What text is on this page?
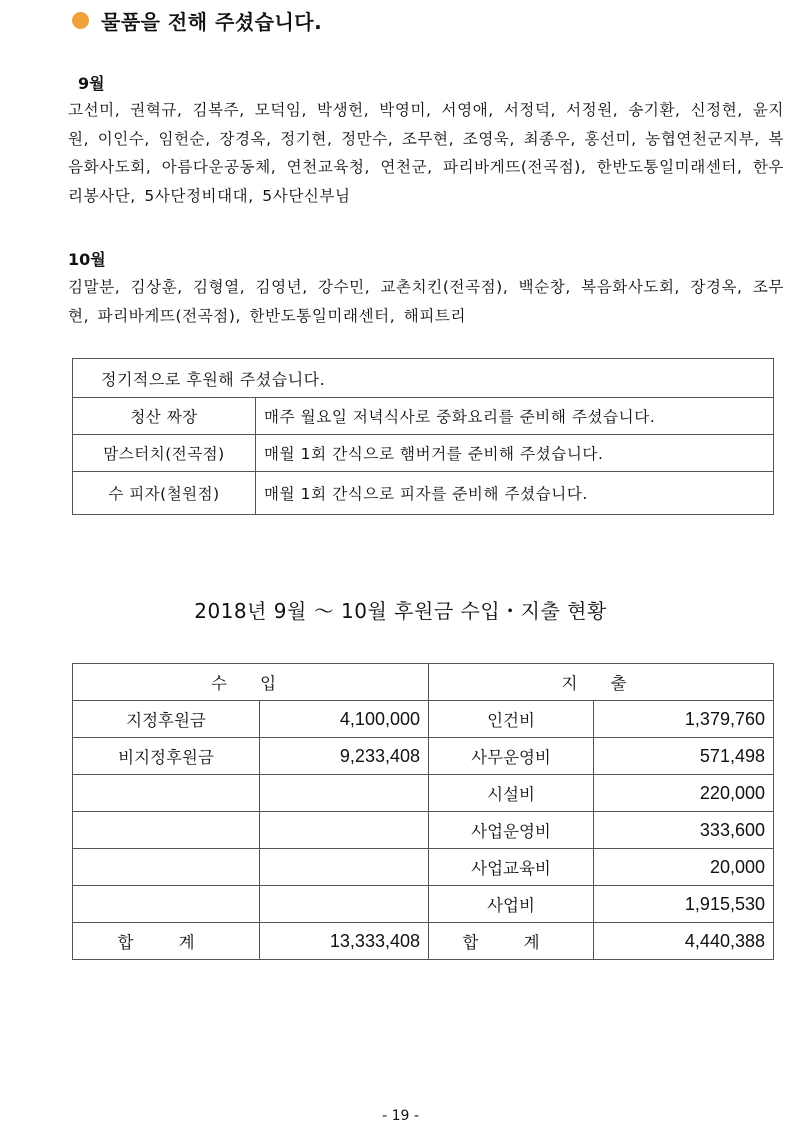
물품을 전해 주셨습니다.
9월
고선미, 권혁규, 김복주, 모덕임, 박생헌, 박영미, 서영애, 서정덕, 서정원, 송기환, 신정현, 윤지원, 이인수, 임헌순, 장경옥, 정기현, 정만수, 조무현, 조영욱, 최종우, 홍선미, 농협연천군지부, 복음화사도회, 아름다운공동체, 연천교육청, 연천군, 파리바게뜨(전곡점), 한반도통일미래센터, 한우리봉사단, 5사단정비대대, 5사단신부님
10월
김말분, 김상훈, 김형열, 김영년, 강수민, 교촌치킨(전곡점), 백순창, 복음화사도회, 장경옥, 조무현, 파리바게뜨(전곡점), 한반도통일미래센터, 해피트리
정기적으로 후원해 주셨습니다.	
청산 짜장	매주 월요일 저녁식사로 중화요리를 준비해 주셨습니다.
맘스터치(전곡점)	매월 1회 간식으로 햄버거를 준비해 주셨습니다.
수 피자(철원점)	매월 1회 간식으로 피자를 준비해 주셨습니다.
2018년 9월 ～ 10월 후원금 수입・지출 현황
수 입		지 출	
지정후원금	4,100,000	인건비	1,379,760
비지정후원금	9,233,408	사무운영비	571,498
		시설비	220,000
		사업운영비	333,600
		사업교육비	20,000
		사업비	1,915,530
합 계	13,333,408	합 계	4,440,388
- 19 -
